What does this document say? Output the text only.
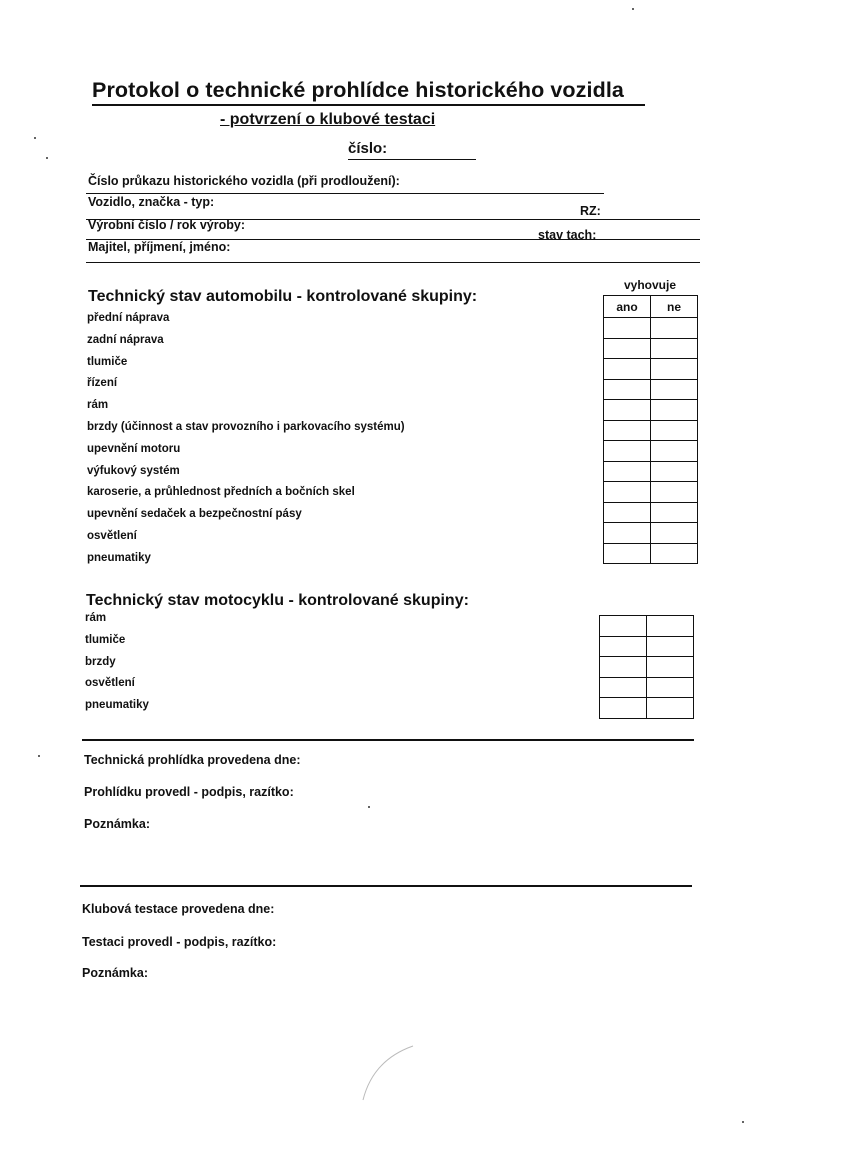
Protokol o technické prohlídce historického vozidla
- potvrzení o klubové testaci
číslo:
Číslo průkazu historického vozidla (při prodloužení):
Vozidlo, značka - typ:
RZ:
Výrobní číslo / rok výroby:
stav tach:
Majitel, příjmení, jméno:
Technický stav automobilu - kontrolované skupiny:
vyhovuje
přední náprava
zadní náprava
tlumiče
řízení
rám
brzdy (účinnost a stav provozního i parkovacího systému)
upevnění motoru
výfukový systém
karoserie, a průhlednost předních a bočních skel
upevnění sedaček a bezpečnostní pásy
osvětlení
pneumatiky
ano	ne

Technický stav motocyklu - kontrolované skupiny:
rám
tlumiče
brzdy
osvětlení
pneumatiky

Technická prohlídka provedena dne:
Prohlídku provedl - podpis, razítko:
Poznámka:
Klubová testace provedena dne:
Testaci provedl - podpis, razítko:
Poznámka:
